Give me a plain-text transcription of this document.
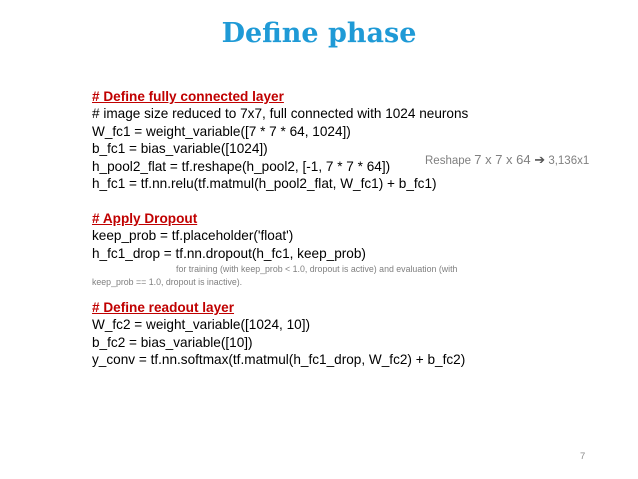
Define phase
# Define fully connected layer
# image size reduced to 7x7, full connected with 1024 neurons
W_fc1 = weight_variable([7 * 7 * 64, 1024])
b_fc1 = bias_variable([1024])
h_pool2_flat = tf.reshape(h_pool2, [-1, 7 * 7 * 64])
h_fc1 = tf.nn.relu(tf.matmul(h_pool2_flat, W_fc1) + b_fc1)
# Apply Dropout
keep_prob = tf.placeholder('float')
h_fc1_drop = tf.nn.dropout(h_fc1, keep_prob)
for training (with keep_prob < 1.0, dropout is active) and evaluation (with
keep_prob == 1.0, dropout is inactive).
# Define readout layer
W_fc2 = weight_variable([1024, 10])
b_fc2 = bias_variable([10])
y_conv = tf.nn.softmax(tf.matmul(h_fc1_drop, W_fc2) + b_fc2)
Reshape 7 x 7 x 64 ➔ 3,136x1
7
